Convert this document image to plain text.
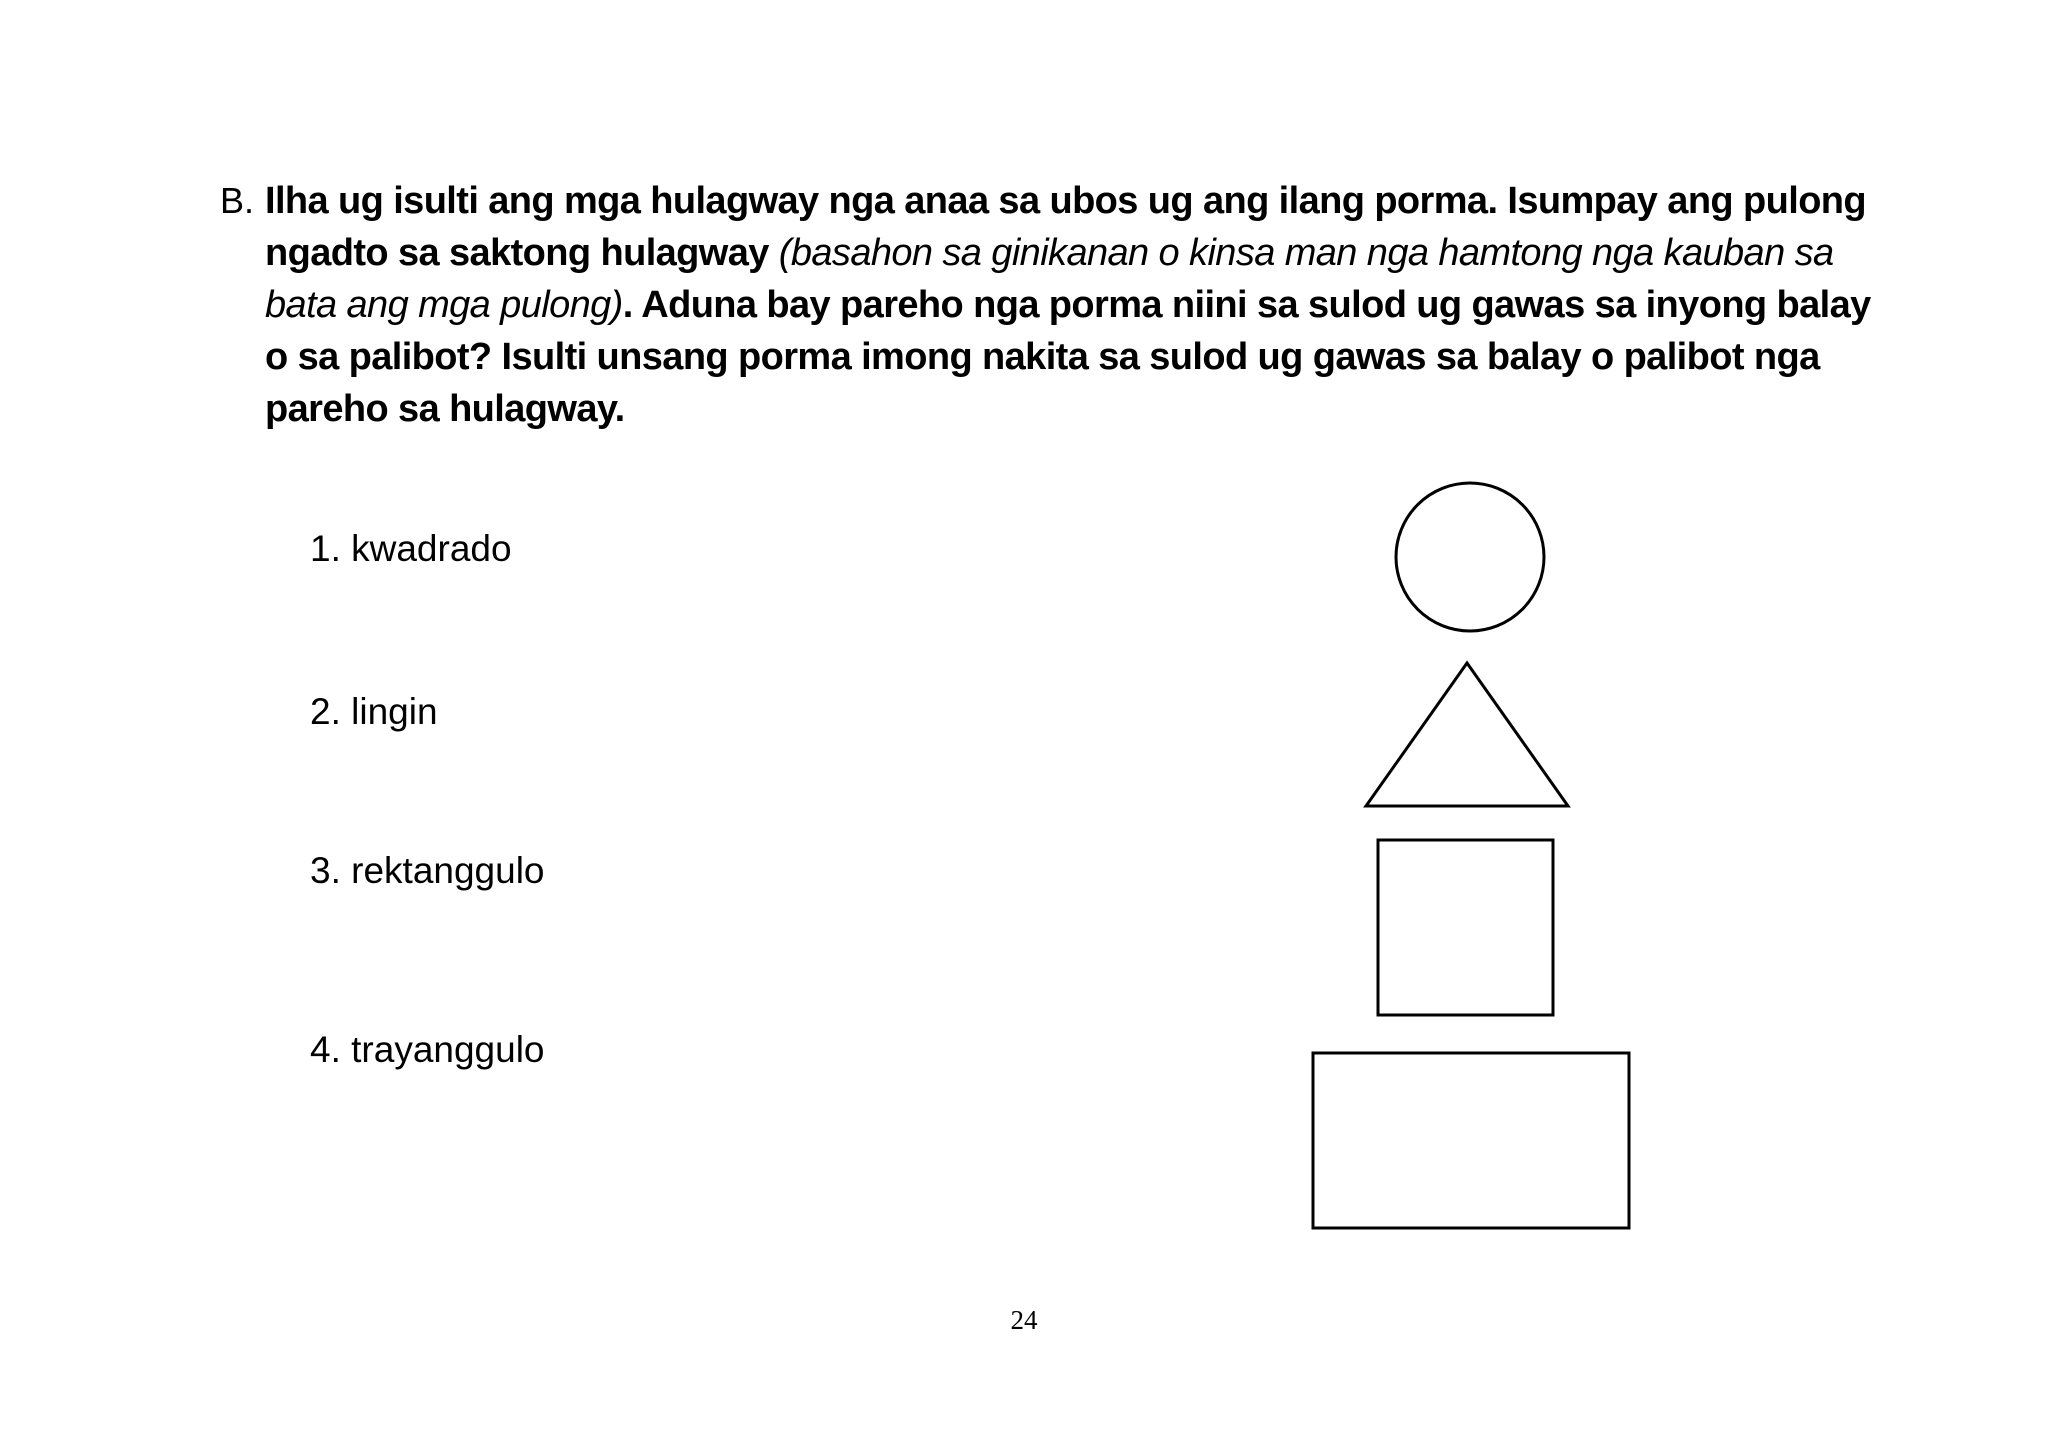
B. Ilha ug isulti ang mga hulagway nga anaa sa ubos ug ang ilang porma. Isumpay ang pulong ngadto sa saktong hulagway (basahon sa ginikanan o kinsa man nga hamtong nga kauban sa bata ang mga pulong). Aduna bay pareho nga porma niini sa sulod ug gawas sa inyong balay o sa palibot? Isulti unsang porma imong nakita sa sulod ug gawas sa balay o palibot nga pareho sa hulagway.
1. kwadrado
2. lingin
3. rektanggulo
4. trayanggulo
24
